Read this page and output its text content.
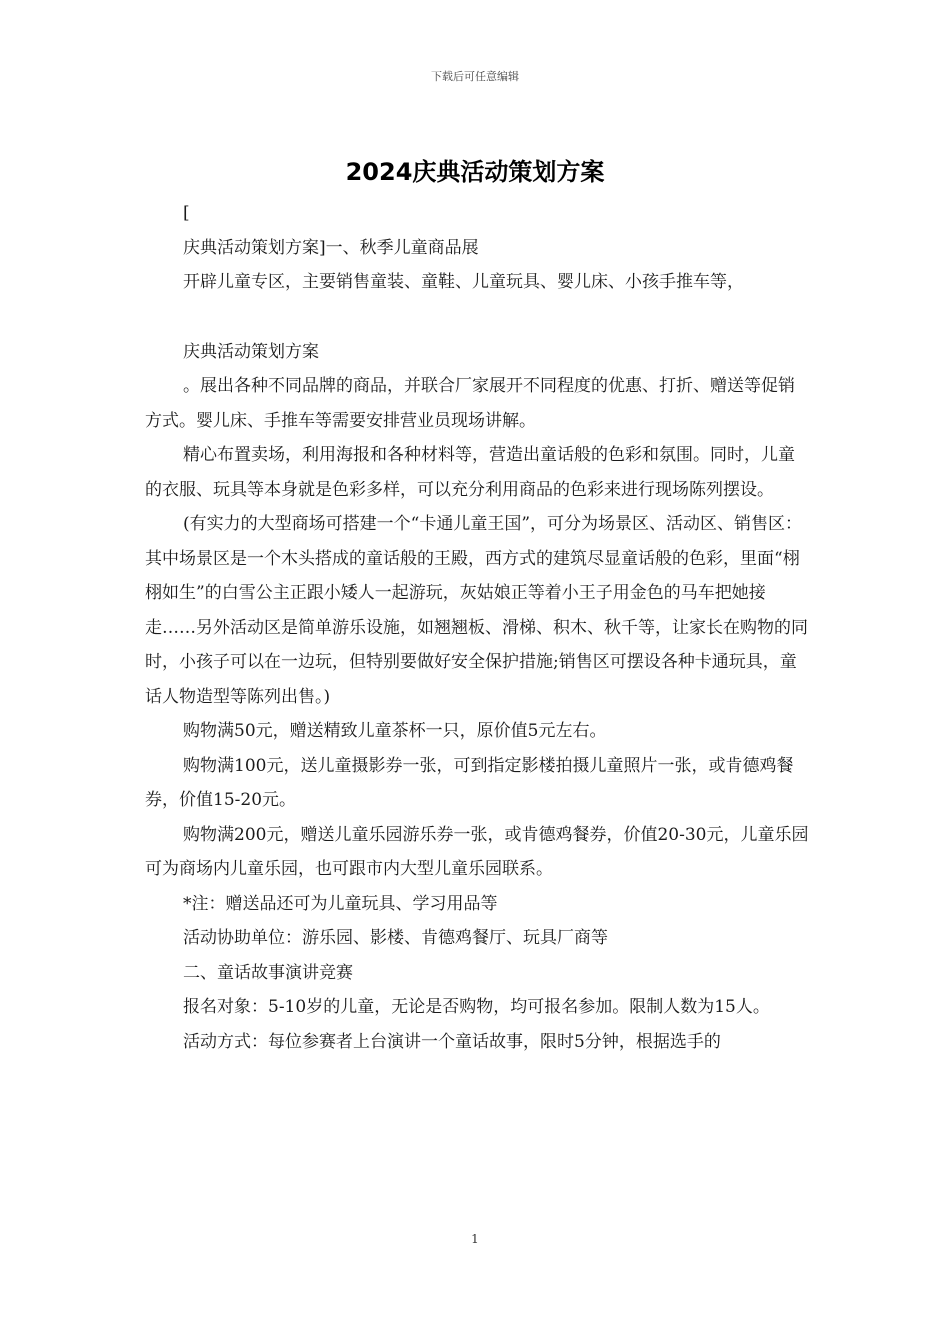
下载后可任意编辑
2024庆典活动策划方案

[

庆典活动策划方案]一、秋季儿童商品展

开辟儿童专区，主要销售童装、童鞋、儿童玩具、婴儿床、小孩手推车等，

庆典活动策划方案

。展出各种不同品牌的商品，并联合厂家展开不同程度的优惠、打折、赠送等促销方式。婴儿床、手推车等需要安排营业员现场讲解。

精心布置卖场，利用海报和各种材料等，营造出童话般的色彩和氛围。同时，儿童的衣服、玩具等本身就是色彩多样，可以充分利用商品的色彩来进行现场陈列摆设。

(有实力的大型商场可搭建一个“卡通儿童王国”，可分为场景区、活动区、销售区：其中场景区是一个木头搭成的童话般的王殿，西方式的建筑尽显童话般的色彩，里面“栩栩如生”的白雪公主正跟小矮人一起游玩，灰姑娘正等着小王子用金色的马车把她接走……另外活动区是简单游乐设施，如翘翘板、滑梯、积木、秋千等，让家长在购物的同时，小孩子可以在一边玩，但特别要做好安全保护措施;销售区可摆设各种卡通玩具，童话人物造型等陈列出售。)

购物满50元，赠送精致儿童茶杯一只，原价值5元左右。

购物满100元，送儿童摄影券一张，可到指定影楼拍摄儿童照片一张，或肯德鸡餐券，价值15-20元。

购物满200元，赠送儿童乐园游乐券一张，或肯德鸡餐券，价值20-30元，儿童乐园可为商场内儿童乐园，也可跟市内大型儿童乐园联系。

*注：赠送品还可为儿童玩具、学习用品等

活动协助单位：游乐园、影楼、肯德鸡餐厅、玩具厂商等

二、童话故事演讲竞赛

报名对象：5-10岁的儿童，无论是否购物，均可报名参加。限制人数为15人。

活动方式：每位参赛者上台演讲一个童话故事，限时5分钟，根据选手的

1
